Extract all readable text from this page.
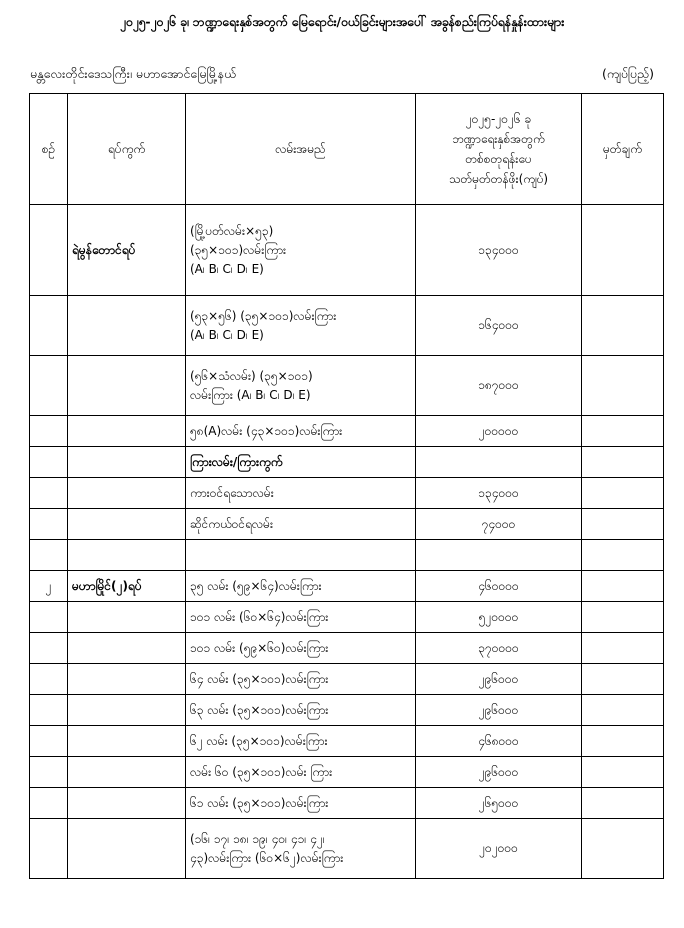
၂၀၂၅-၂၀၂၆ ခု၊ ဘဏ္ဍာရေးနှစ်အတွက် မြေရောင်း/ဝယ်ခြင်းများအပေါ် အခွန်စည်းကြပ်ရန်နှုန်းထားများ
မန္တလေးတိုင်းဒေသကြီး၊ မဟာအောင်မြေမြို့နယ်	(ကျပ်ပြည့်)
စဉ်	ရပ်ကွက်	လမ်းအမည်	၂၀၂၅-၂၀၂၆ ခု
ဘဏ္ဍာရေးနှစ်အတွက်
တစ်စတုရန်းပေ
သတ်မှတ်တန်ဖိုး(ကျပ်)	မှတ်ချက်
	ရဲမွန်တောင်ရပ်	(မြို့ပတ်လမ်း×၅၃)
(၃၅×၁၀၁)လမ်းကြား
(A၊ B၊ C၊ D၊ E)	၁၃၄၀၀၀	

		(၅၃×၅၆) (၃၅×၁၀၁)လမ်းကြား
(A၊ B၊ C၊ D၊ E)	၁၆၄၀၀၀	

		(၅၆×သံလမ်း) (၃၅×၁၀၁)
လမ်းကြား (A၊ B၊ C၊ D၊ E)	၁၈၇၀၀၀	
		၅၈(A)လမ်း (၄၃×၁၀၁)လမ်းကြား	၂၀၀၀၀၀	
		ကြားလမ်း/ကြားကွက်		
		ကားဝင်ရသောလမ်း	၁၃၄၀၀၀	
		ဆိုင်ကယ်ဝင်ရလမ်း	၇၄၀၀၀	

၂	မဟာမြိုင်(၂)ရပ်	၃၅ လမ်း (၅၉×၆၄)လမ်းကြား	၄၆၀၀၀၀	
		၁၀၁ လမ်း (၆၀×၆၄)လမ်းကြား	၅၂၀၀၀၀	
		၁၀၁ လမ်း (၅၉×၆၀)လမ်းကြား	၃၇၀၀၀၀	
		၆၄ လမ်း (၃၅×၁၀၁)လမ်းကြား	၂၉၆၀၀၀	
		၆၃ လမ်း (၃၅×၁၀၁)လမ်းကြား	၂၉၆၀၀၀	
		၆၂ လမ်း (၃၅×၁၀၁)လမ်းကြား	၄၆၈၀၀၀	
		လမ်း ၆၀ (၃၅×၁၀၁)လမ်း ကြား	၂၉၆၀၀၀	
		၆၁ လမ်း (၃၅×၁၀၁)လမ်းကြား	၂၆၅၀၀၀	

		(၁၆၊ ၁၇၊ ၁၈၊ ၁၉၊ ၄၀၊ ၄၁၊ ၄၂၊
၄၃)လမ်းကြား (၆၀×၆၂)လမ်းကြား	၂၀၂၀၀၀	
